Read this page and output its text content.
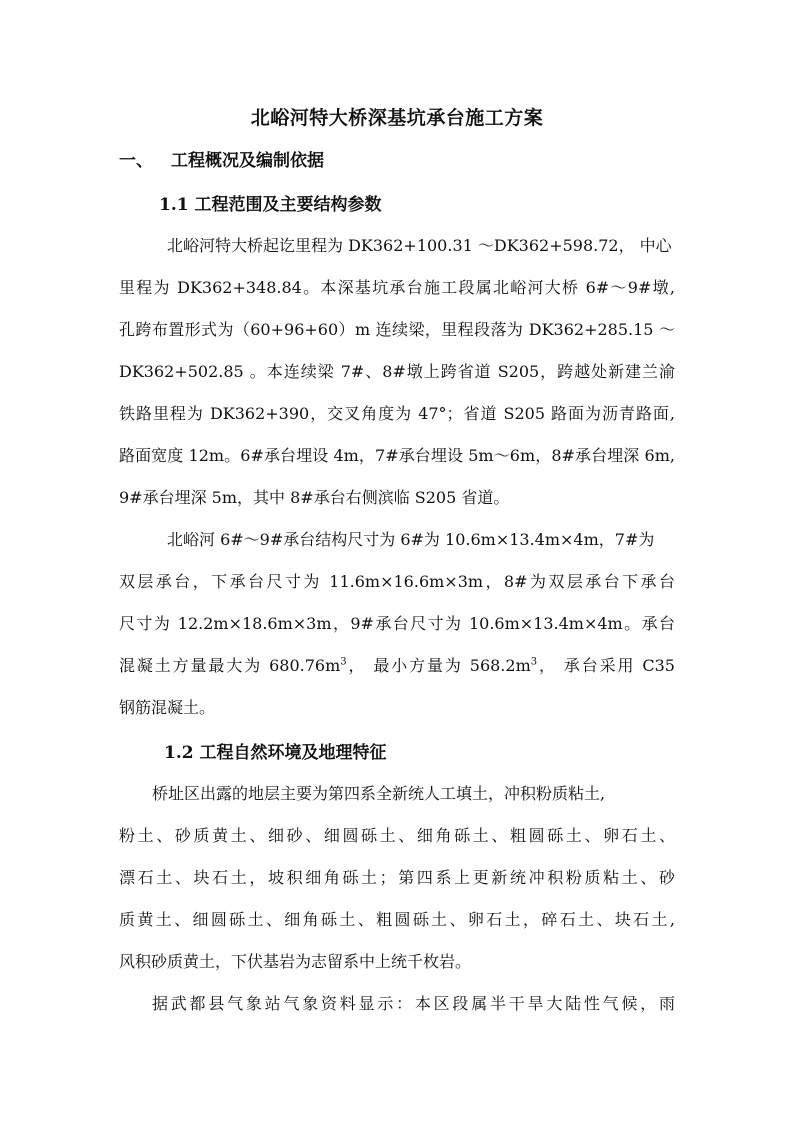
北峪河特大桥深基坑承台施工方案
一、 工程概况及编制依据
1.1 工程范围及主要结构参数
北峪河特大桥起讫里程为 DK362+100.31 ～DK362+598.72， 中心
里程为 DK362+348.84。本深基坑承台施工段属北峪河大桥 6#～9#墩,
孔跨布置形式为（60+96+60）m 连续梁，里程段落为 DK362+285.15 ～
DK362+502.85 。本连续梁 7#、8#墩上跨省道 S205，跨越处新建兰渝
铁路里程为 DK362+390，交叉角度为 47°；省道 S205 路面为沥青路面,
路面宽度 12m。6#承台埋设 4m，7#承台埋设 5m～6m，8#承台埋深 6m,
9#承台埋深 5m，其中 8#承台右侧滨临 S205 省道。
北峪河 6#～9#承台结构尺寸为 6#为 10.6m×13.4m×4m，7#为
双层承台，下承台尺寸为 11.6m×16.6m×3m，8#为双层承台下承台
尺寸为 12.2m×18.6m×3m，9#承台尺寸为 10.6m×13.4m×4m。承台
混凝土方量最大为 $680.76m^3$， 最小方量为 $568.2m^3$， 承台采用 C35
钢筋混凝土。
1.2 工程自然环境及地理特征
桥址区出露的地层主要为第四系全新统人工填土，冲积粉质粘土,
粉土、砂质黄土、细砂、细圆砾土、细角砾土、粗圆砾土、卵石土、
漂石土、块石土，坡积细角砾土；第四系上更新统冲积粉质粘土、砂
质黄土、细圆砾土、细角砾土、粗圆砾土、卵石土，碎石土、块石土,
风积砂质黄土，下伏基岩为志留系中上统千枚岩。
据武都县气象站气象资料显示：本区段属半干旱大陆性气候，雨
